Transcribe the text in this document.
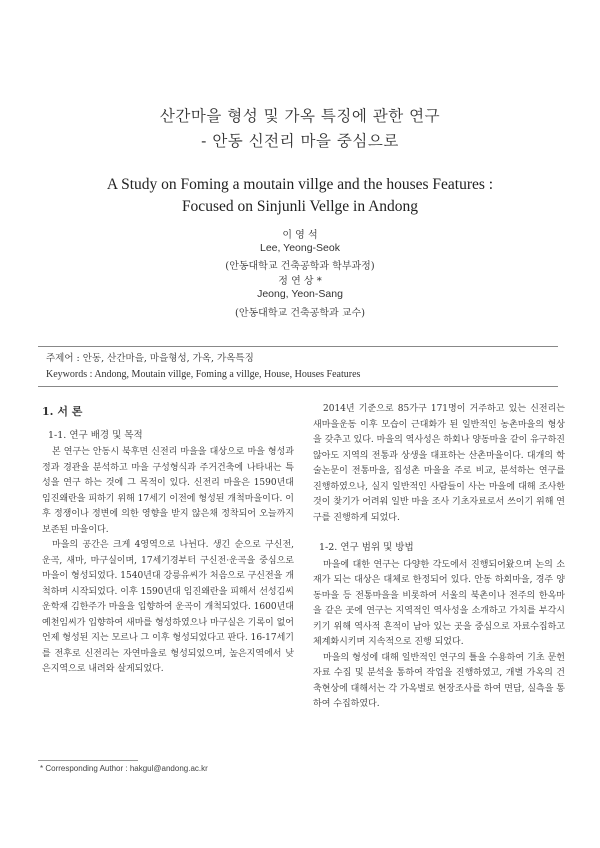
산간마을 형성 및 가옥 특징에 관한 연구
- 안동 신전리 마을 중심으로
A Study on Foming a moutain villge and the houses Features :
Focused on Sinjunli Vellge in Andong
이 영 석
Lee, Yeong-Seok
(안동대학교 건축공학과 학부과정)
정 연 상 *
Jeong, Yeon-Sang
(안동대학교 건축공학과 교수)
주제어 : 안동, 산간마을, 마을형성, 가옥, 가옥특징
Keywords : Andong, Moutain villge, Foming a villge, House, Houses Features
1. 서 론
1-1. 연구 배경 및 목적

본 연구는 안동시 북후면 신전리 마을을 대상으로 마을 형성과정과 경관을 분석하고 마을 구성형식과 주거건축에 나타내는 특성을 연구 하는 것에 그 목적이 있다. 신전리 마을은 1590년대 임진왜란을 피하기 위해 17세기 이전에 형성된 개척마을이다. 이후 정쟁이나 정변에 의한 영향을 받지 않은채 정착되어 오늘까지 보존된 마을이다.

마을의 공간은 크게 4영역으로 나뉜다. 생긴 순으로 구신전, 운곡, 새마, 마구실이며, 17세기경부터 구신전·운곡을 중심으로 마을이 형성되었다. 1540년대 강릉유씨가 처음으로 구신전을 개척하며 시작되었다. 이후 1590년대 임진왜란을 피해서 선성김씨 운학재 김한주가 마을을 입향하여 운곡이 개척되었다. 1600년대 예천임씨가 입향하여 새마를 형성하였으나 마구실은 기록이 없어 언제 형성된 지는 모르나 그 이후 형성되었다고 판다. 16-17세기를 전후로 신전리는 자연마을로 형성되었으며, 높은지역에서 낮은지역으로 내려와 살게되었다.

2014년 기준으로 85가구 171명이 거주하고 있는 신전리는 새마을운동 이후 모습이 근대화가 된 일반적인 농촌마을의 형상을 갖추고 있다. 마을의 역사성은 하회나 양동마을 같이 유구하진 않아도 지역의 전통과 상생을 대표하는 산촌마을이다. 대개의 학술논문이 전통마을, 집성촌 마을을 주로 비교, 분석하는 연구를 진행하였으나, 실지 일반적인 사람들이 사는 마을에 대해 조사한 것이 찾기가 어려워 일반 마을 조사 기초자료로서 쓰이기 위해 연구를 진행하게 되었다.

1-2. 연구 범위 및 방법

마을에 대한 연구는 다양한 각도에서 진행되어왔으며 논의 소재가 되는 대상은 대체로 한정되어 있다. 안동 하회마을, 경주 양동마을 등 전통마을을 비롯하여 서울의 북촌이나 전주의 한옥마을 같은 곳에 연구는 지역적인 역사성을 소개하고 가치를 부각시키기 위해 역사적 흔적이 남아 있는 곳을 중심으로 자료수집하고 체계화시키며 지속적으로 진행 되었다.

마을의 형성에 대해 일반적인 연구의 틀을 수용하여 기초 문헌자료 수집 및 분석을 통하여 작업을 진행하였고, 개별 가옥의 건축현상에 대해서는 각 가옥별로 현장조사를 하여 면담, 실측을 통하여 수집하였다.

* Corresponding Author : hakgul@andong.ac.kr
